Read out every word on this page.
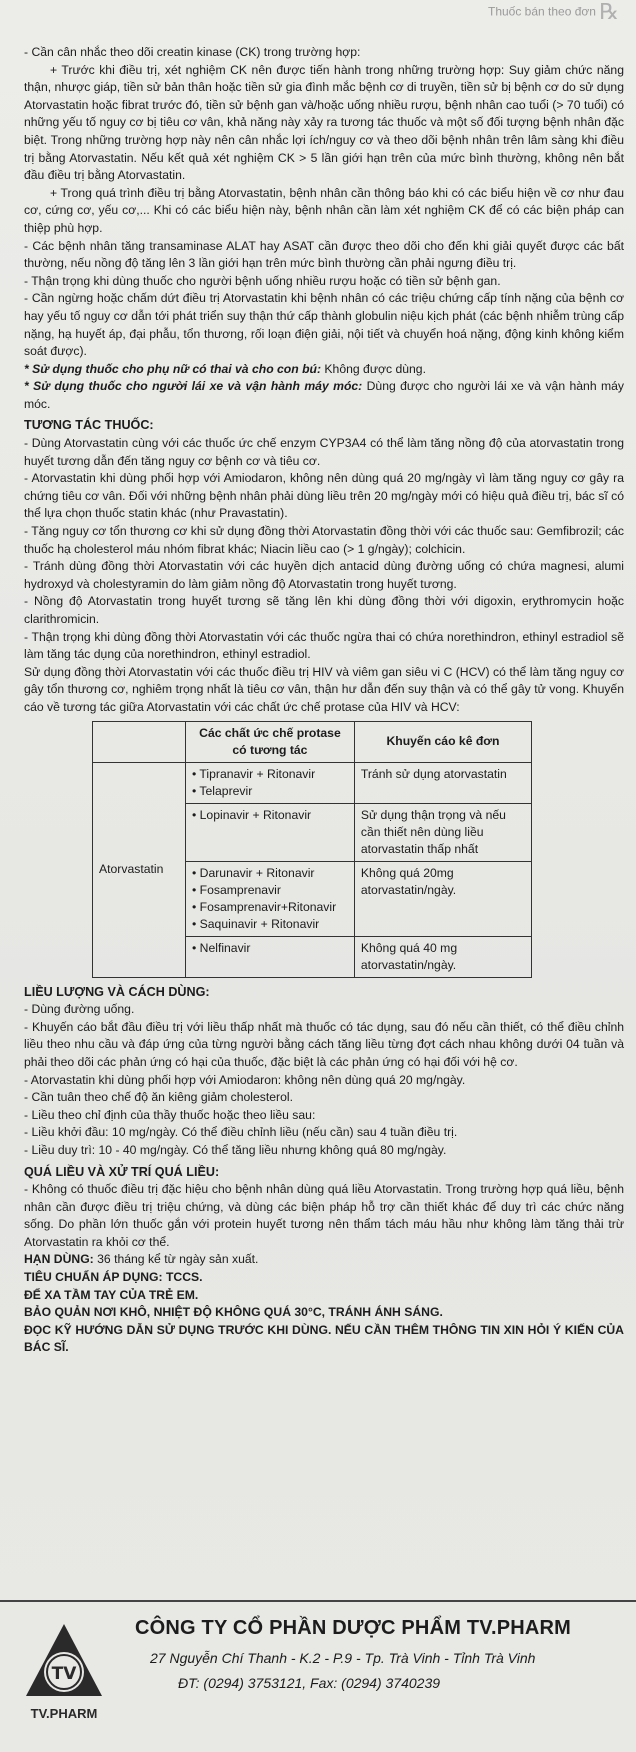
Thuốc bán theo đơn ℞

- Cần cân nhắc theo dõi creatin kinase (CK) trong trường hợp:

+ Trước khi điều trị, xét nghiệm CK nên được tiến hành trong những trường hợp: Suy giảm chức năng thận, nhược giáp, tiền sử bản thân hoặc tiền sử gia đình mắc bệnh cơ di truyền, tiền sử bị bệnh cơ do sử dụng Atorvastatin hoặc fibrat trước đó, tiền sử bệnh gan và/hoặc uống nhiều rượu, bệnh nhân cao tuổi (> 70 tuổi) có những yếu tố nguy cơ bị tiêu cơ vân, khả năng này xảy ra tương tác thuốc và một số đối tượng bệnh nhân đặc biệt. Trong những trường hợp này nên cân nhắc lợi ích/nguy cơ và theo dõi bệnh nhân trên lâm sàng khi điều trị bằng Atorvastatin. Nếu kết quả xét nghiệm CK > 5 lần giới hạn trên của mức bình thường, không nên bắt đầu điều trị bằng Atorvastatin.

+ Trong quá trình điều trị bằng Atorvastatin, bệnh nhân cần thông báo khi có các biểu hiện về cơ như đau cơ, cứng cơ, yếu cơ,... Khi có các biểu hiện này, bệnh nhân cần làm xét nghiệm CK để có các biện pháp can thiệp phù hợp.

- Các bệnh nhân tăng transaminase ALAT hay ASAT cần được theo dõi cho đến khi giải quyết được các bất thường, nếu nồng độ tăng lên 3 lần giới hạn trên mức bình thường cần phải ngưng điều trị.

- Thận trọng khi dùng thuốc cho người bệnh uống nhiều rượu hoặc có tiền sử bệnh gan.

- Cần ngừng hoặc chấm dứt điều trị Atorvastatin khi bệnh nhân có các triệu chứng cấp tính nặng của bệnh cơ hay yếu tố nguy cơ dẫn tới phát triển suy thận thứ cấp thành globulin niệu kịch phát (các bệnh nhiễm trùng cấp nặng, hạ huyết áp, đại phẫu, tổn thương, rối loạn điện giải, nội tiết và chuyển hoá nặng, động kinh không kiểm soát được).

* Sử dụng thuốc cho phụ nữ có thai và cho con bú: Không được dùng.

* Sử dụng thuốc cho người lái xe và vận hành máy móc: Dùng được cho người lái xe và vận hành máy móc.

TƯƠNG TÁC THUỐC:

- Dùng Atorvastatin cùng với các thuốc ức chế enzym CYP3A4 có thể làm tăng nồng độ của atorvastatin trong huyết tương dẫn đến tăng nguy cơ bệnh cơ và tiêu cơ.

- Atorvastatin khi dùng phối hợp với Amiodaron, không nên dùng quá 20 mg/ngày vì làm tăng nguy cơ gây ra chứng tiêu cơ vân. Đối với những bệnh nhân phải dùng liều trên 20 mg/ngày mới có hiệu quả điều trị, bác sĩ có thể lựa chọn thuốc statin khác (như Pravastatin).

- Tăng nguy cơ tổn thương cơ khi sử dụng đồng thời Atorvastatin đồng thời với các thuốc sau: Gemfibrozil; các thuốc hạ cholesterol máu nhóm fibrat khác; Niacin liều cao (> 1 g/ngày); colchicin.

- Tránh dùng đồng thời Atorvastatin với các huyền dịch antacid dùng đường uống có chứa magnesi, alumi hydroxyd và cholestyramin do làm giảm nồng độ Atorvastatin trong huyết tương.

- Nồng độ Atorvastatin trong huyết tương sẽ tăng lên khi dùng đồng thời với digoxin, erythromycin hoặc clarithromicin.

- Thận trọng khi dùng đồng thời Atorvastatin với các thuốc ngừa thai có chứa norethindron, ethinyl estradiol sẽ làm tăng tác dụng của norethindron, ethinyl estradiol.

Sử dụng đồng thời Atorvastatin với các thuốc điều trị HIV và viêm gan siêu vi C (HCV) có thể làm tăng nguy cơ gây tổn thương cơ, nghiêm trọng nhất là tiêu cơ vân, thận hư dẫn đến suy thận và có thể gây tử vong. Khuyến cáo về tương tác giữa Atorvastatin với các chất ức chế protase của HIV và HCV:

	Các chất ức chế protase có tương tác	Khuyến cáo kê đơn
Atorvastatin	• Tipranavir + Ritonavir
• Telaprevir	Tránh sử dụng atorvastatin

	• Lopinavir + Ritonavir	Sử dụng thận trọng và nếu cần thiết nên dùng liều atorvastatin thấp nhất

	• Darunavir + Ritonavir
• Fosamprenavir
• Fosamprenavir+Ritonavir
• Saquinavir + Ritonavir	Không quá 20mg atorvastatin/ngày.

	• Nelfinavir	Không quá 40 mg atorvastatin/ngày.

LIỀU LƯỢNG VÀ CÁCH DÙNG:

- Dùng đường uống.

- Khuyến cáo bắt đầu điều trị với liều thấp nhất mà thuốc có tác dụng, sau đó nếu cần thiết, có thể điều chỉnh liều theo nhu cầu và đáp ứng của từng người bằng cách tăng liều từng đợt cách nhau không dưới 04 tuần và phải theo dõi các phản ứng có hại của thuốc, đặc biệt là các phản ứng có hại đối với hệ cơ.

- Atorvastatin khi dùng phối hợp với Amiodaron: không nên dùng quá 20 mg/ngày.

- Cần tuân theo chế độ ăn kiêng giảm cholesterol.

- Liều theo chỉ định của thầy thuốc hoặc theo liều sau:

- Liều khởi đầu: 10 mg/ngày. Có thể điều chỉnh liều (nếu cần) sau 4 tuần điều trị.

- Liều duy trì: 10 - 40 mg/ngày. Có thể tăng liều nhưng không quá 80 mg/ngày.

QUÁ LIỀU VÀ XỬ TRÍ QUÁ LIỀU:

- Không có thuốc điều trị đặc hiệu cho bệnh nhân dùng quá liều Atorvastatin. Trong trường hợp quá liều, bệnh nhân cần được điều trị triệu chứng, và dùng các biện pháp hỗ trợ cần thiết khác để duy trì các chức năng sống. Do phần lớn thuốc gắn với protein huyết tương nên thẩm tách máu hầu như không làm tăng thải trừ Atorvastatin ra khỏi cơ thể.

HẠN DÙNG: 36 tháng kể từ ngày sản xuất.

TIÊU CHUẨN ÁP DỤNG: TCCS.

ĐỂ XA TẦM TAY CỦA TRẺ EM.

BẢO QUẢN NƠI KHÔ, NHIỆT ĐỘ KHÔNG QUÁ 30°C, TRÁNH ÁNH SÁNG.

ĐỌC KỸ HƯỚNG DẪN SỬ DỤNG TRƯỚC KHI DÙNG. NẾU CẦN THÊM THÔNG TIN XIN HỎI Ý KIẾN CỦA BÁC SĨ.

TV
TV.PHARM
CÔNG TY CỔ PHẦN DƯỢC PHẨM TV.PHARM
27 Nguyễn Chí Thanh - K.2 - P.9 - Tp. Trà Vinh - Tỉnh Trà Vinh
ĐT: (0294) 3753121, Fax: (0294) 3740239
